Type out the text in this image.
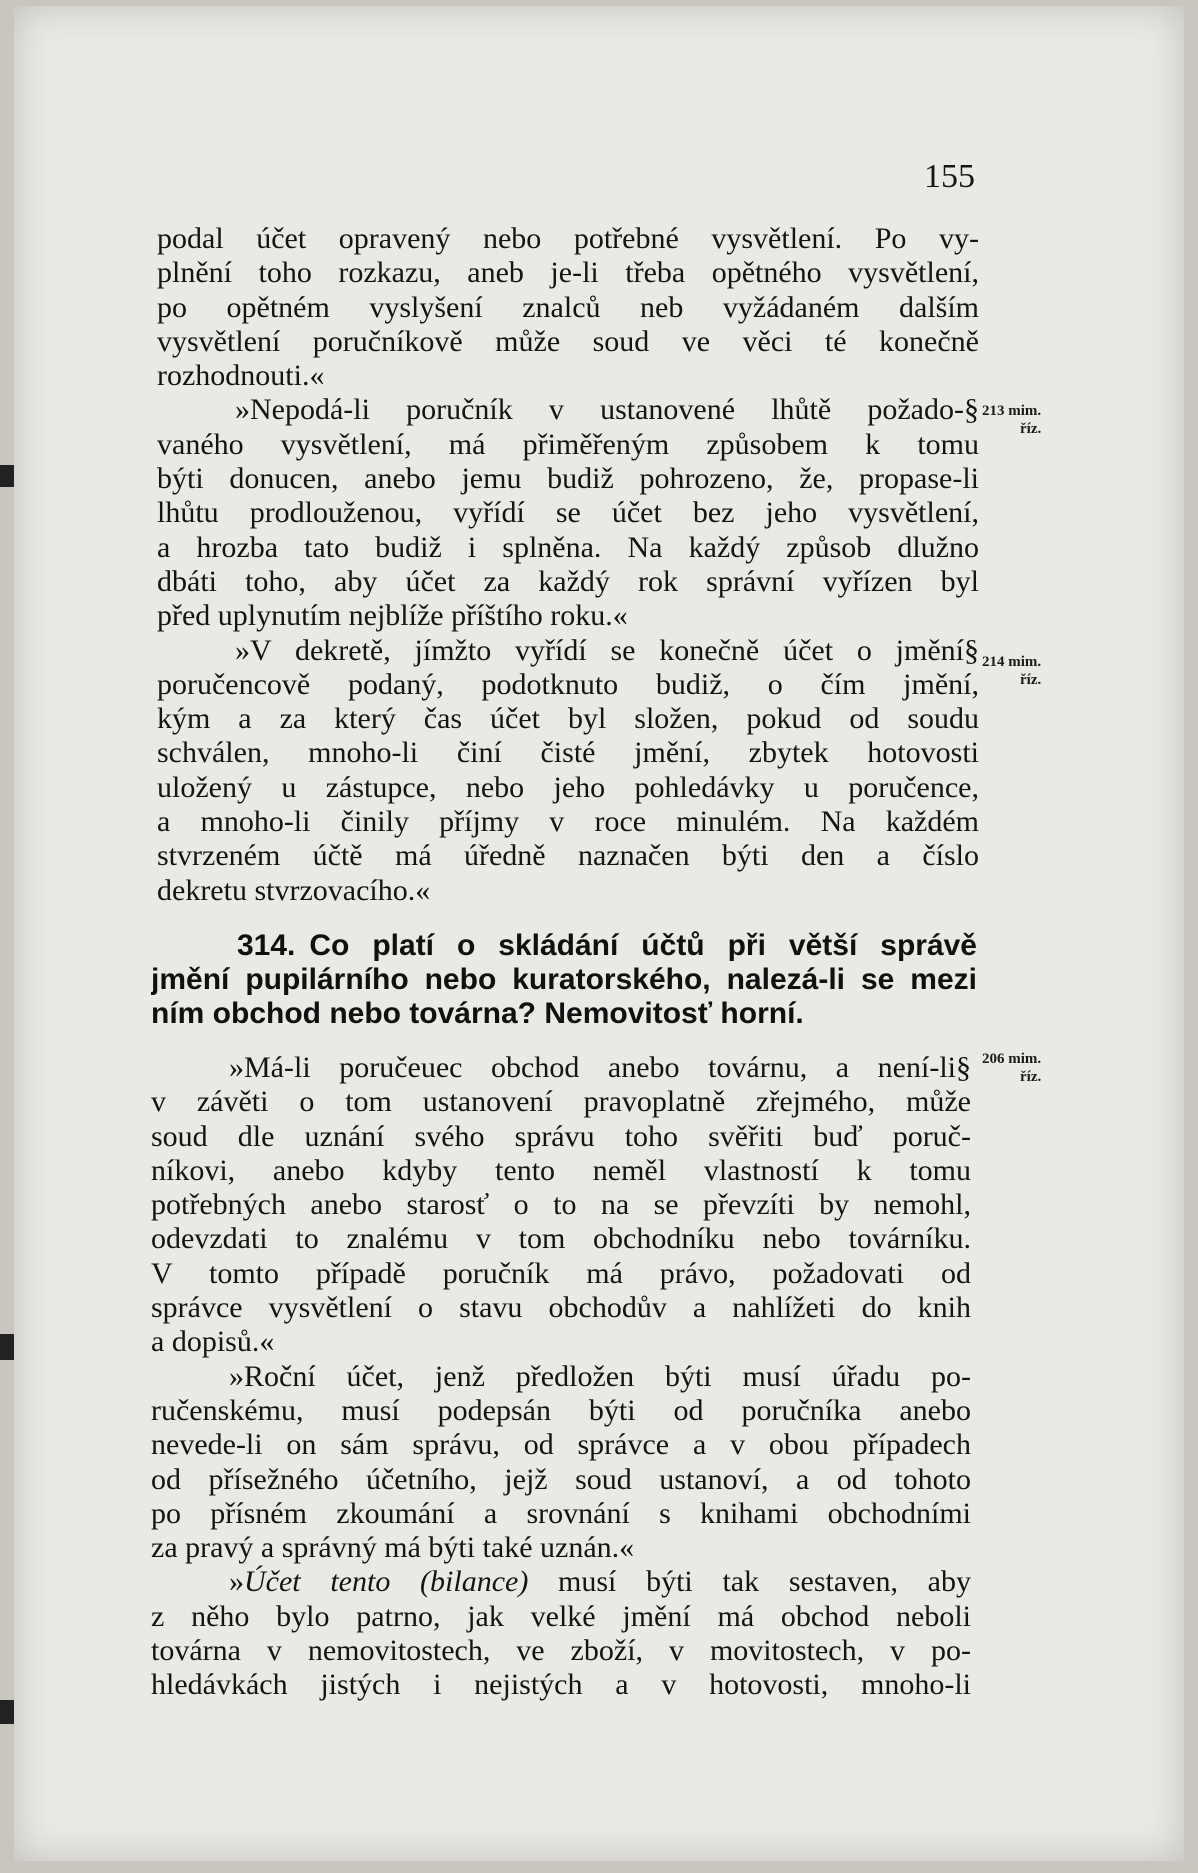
155
podal účet opravený nebo potřebné vysvětlení. Po vy-
plnění toho rozkazu, aneb je-li třeba opětného vysvětlení,
po opětném vyslyšení znalců neb vyžádaném dalším
vysvětlení poručníkově může soud ve věci té konečně
rozhodnouti.«
»Nepodá-li poručník v ustanovené lhůtě požado-§
vaného vysvětlení, má přiměřeným způsobem k tomu
býti donucen, anebo jemu budiž pohrozeno, že, propase-li
lhůtu prodlouženou, vyřídí se účet bez jeho vysvětlení,
a hrozba tato budiž i splněna. Na každý způsob dlužno
dbáti toho, aby účet za každý rok správní vyřízen byl
před uplynutím nejblíže příštího roku.«
»V dekretě, jímžto vyřídí se konečně účet o jmění§
poručencově podaný, podotknuto budiž, o čím jmění,
kým a za který čas účet byl složen, pokud od soudu
schválen, mnoho-li činí čisté jmění, zbytek hotovosti
uložený u zástupce, nebo jeho pohledávky u poručence,
a mnoho-li činily příjmy v roce minulém. Na každém
stvrzeném účtě má úředně naznačen býti den a číslo
dekretu stvrzovacího.«
314. Co platí o skládání účtů při větší správě
jmění pupilárního nebo kuratorského, nalezá-li se mezi
ním obchod nebo továrna? Nemovitosť horní.
»Má-li poručeuec obchod anebo továrnu, a není-li§
v závěti o tom ustanovení pravoplatně zřejmého, může
soud dle uznání svého správu toho svěřiti buď poruč-
níkovi, anebo kdyby tento neměl vlastností k tomu
potřebných anebo starosť o to na se převzíti by nemohl,
odevzdati to znalému v tom obchodníku nebo továrníku.
V tomto případě poručník má právo, požadovati od
správce vysvětlení o stavu obchodův a nahlížeti do knih
a dopisů.«
»Roční účet, jenž předložen býti musí úřadu po-
ručenskému, musí podepsán býti od poručníka anebo
nevede-li on sám správu, od správce a v obou případech
od přísežného účetního, jejž soud ustanoví, a od tohoto
po přísném zkoumání a srovnání s knihami obchodními
za pravý a správný má býti také uznán.«
»Účet tento (bilance) musí býti tak sestaven, aby
z něho bylo patrno, jak velké jmění má obchod neboli
továrna v nemovitostech, ve zboží, v movitostech, v po-
hledávkách jistých i nejistých a v hotovosti, mnoho-li
213 mim.
říz.
214 mim.
říz.
206 mim.
říz.
